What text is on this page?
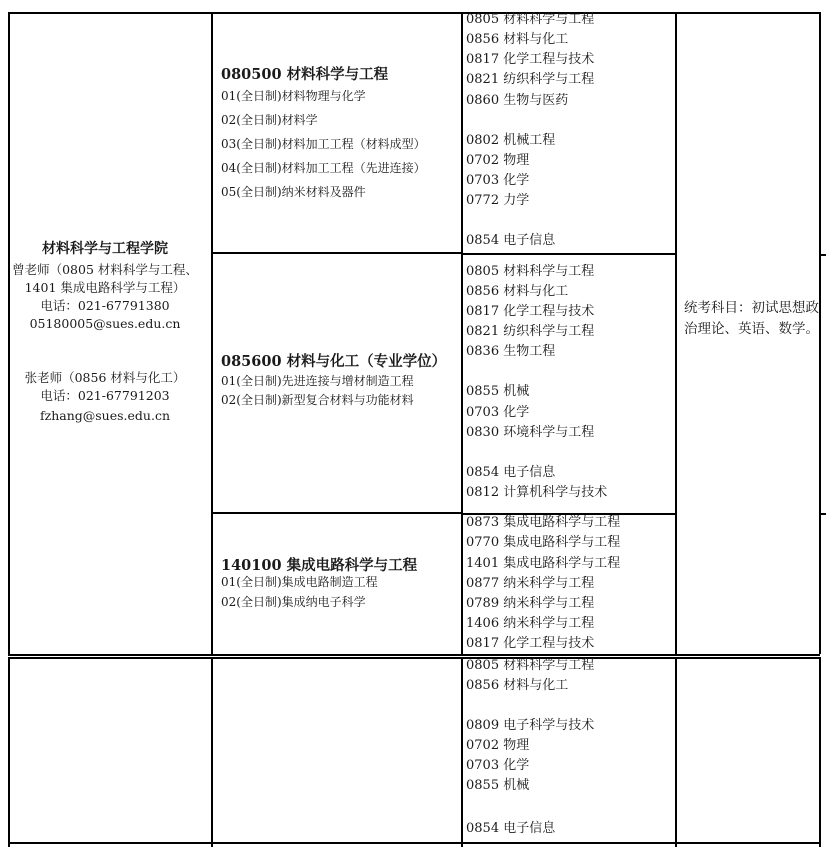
材料科学与工程学院
曾老师（0805 材料科学与工程、
1401 集成电路科学与工程）
电话：021-67791380
05180005@sues.edu.cn
张老师（0856 材料与化工）
电话：021-67791203
fzhang@sues.edu.cn
080500 材料科学与工程
01(全日制)材料物理与化学
02(全日制)材料学
03(全日制)材料加工工程（材料成型）
04(全日制)材料加工工程（先进连接）
05(全日制)纳米材料及器件
0805 材料科学与工程
0856 材料与化工
0817 化学工程与技术
0821 纺织科学与工程
0860 生物与医药
0802 机械工程
0702 物理
0703 化学
0772 力学
0854 电子信息
085600 材料与化工（专业学位）
01(全日制)先进连接与增材制造工程
02(全日制)新型复合材料与功能材料
0805 材料科学与工程
0856 材料与化工
0817 化学工程与技术
0821 纺织科学与工程
0836 生物工程
0855 机械
0703 化学
0830 环境科学与工程
0854 电子信息
0812 计算机科学与技术
140100 集成电路科学与工程
01(全日制)集成电路制造工程
02(全日制)集成纳电子科学
0873 集成电路科学与工程
0770 集成电路科学与工程
1401 集成电路科学与工程
0877 纳米科学与工程
0789 纳米科学与工程
1406 纳米科学与工程
0817 化学工程与技术
统考科目：初试思想政治理论、英语、数学。
0805 材料科学与工程
0856 材料与化工
0809 电子科学与技术
0702 物理
0703 化学
0855 机械
0854 电子信息
